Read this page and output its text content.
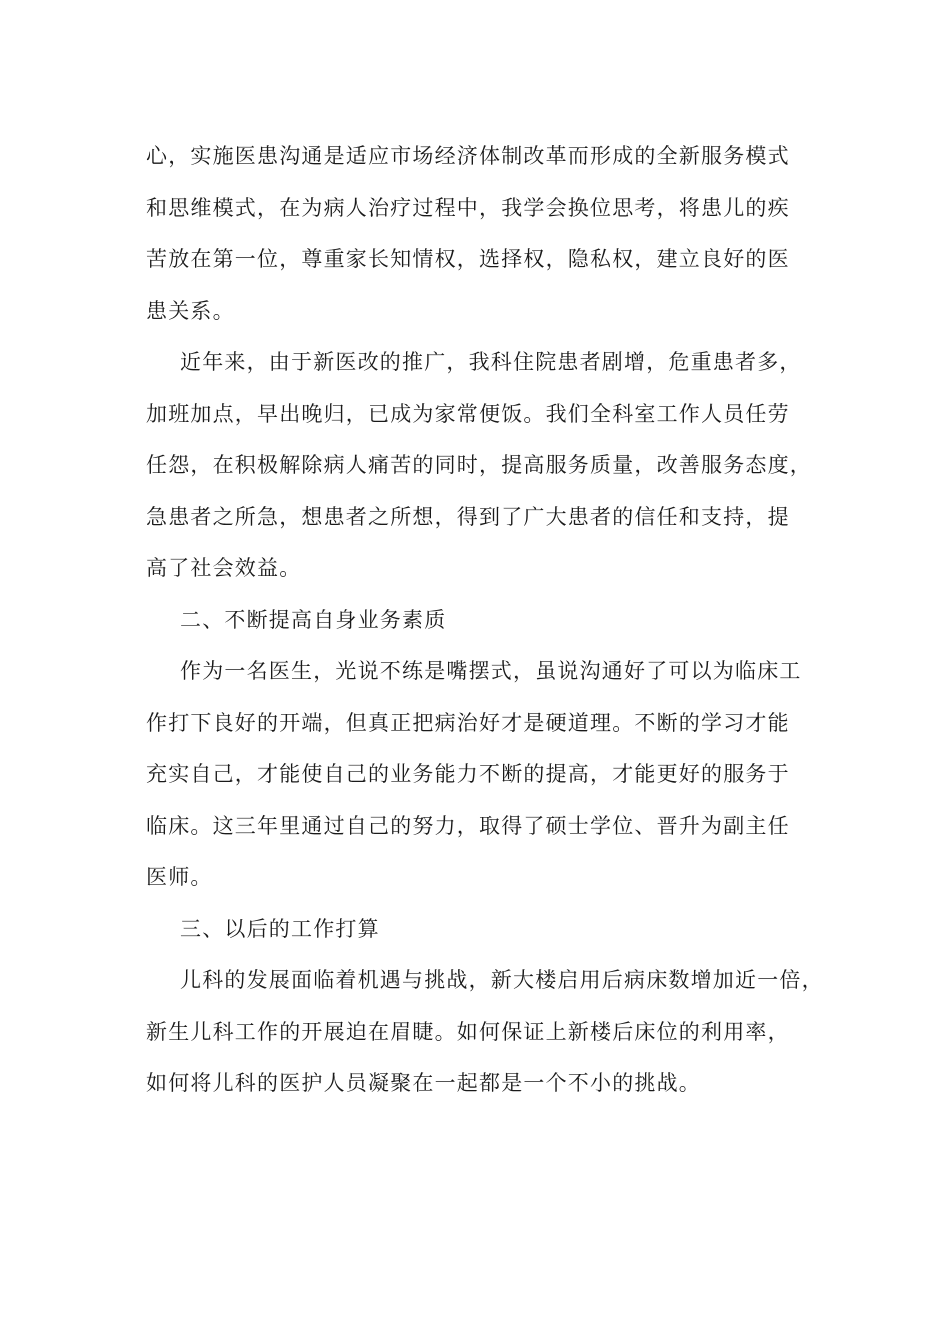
心，实施医患沟通是适应市场经济体制改革而形成的全新服务模式
和思维模式，在为病人治疗过程中，我学会换位思考，将患儿的疾
苦放在第一位，尊重家长知情权，选择权，隐私权，建立良好的医
患关系。
近年来，由于新医改的推广，我科住院患者剧增，危重患者多，
加班加点，早出晚归，已成为家常便饭。我们全科室工作人员任劳
任怨，在积极解除病人痛苦的同时，提高服务质量，改善服务态度，
急患者之所急，想患者之所想，得到了广大患者的信任和支持，提
高了社会效益。
二、不断提高自身业务素质
作为一名医生，光说不练是嘴摆式，虽说沟通好了可以为临床工
作打下良好的开端，但真正把病治好才是硬道理。不断的学习才能
充实自己，才能使自己的业务能力不断的提高，才能更好的服务于
临床。这三年里通过自己的努力，取得了硕士学位、晋升为副主任
医师。
三、以后的工作打算
儿科的发展面临着机遇与挑战，新大楼启用后病床数增加近一倍，
新生儿科工作的开展迫在眉睫。如何保证上新楼后床位的利用率，
如何将儿科的医护人员凝聚在一起都是一个不小的挑战。
